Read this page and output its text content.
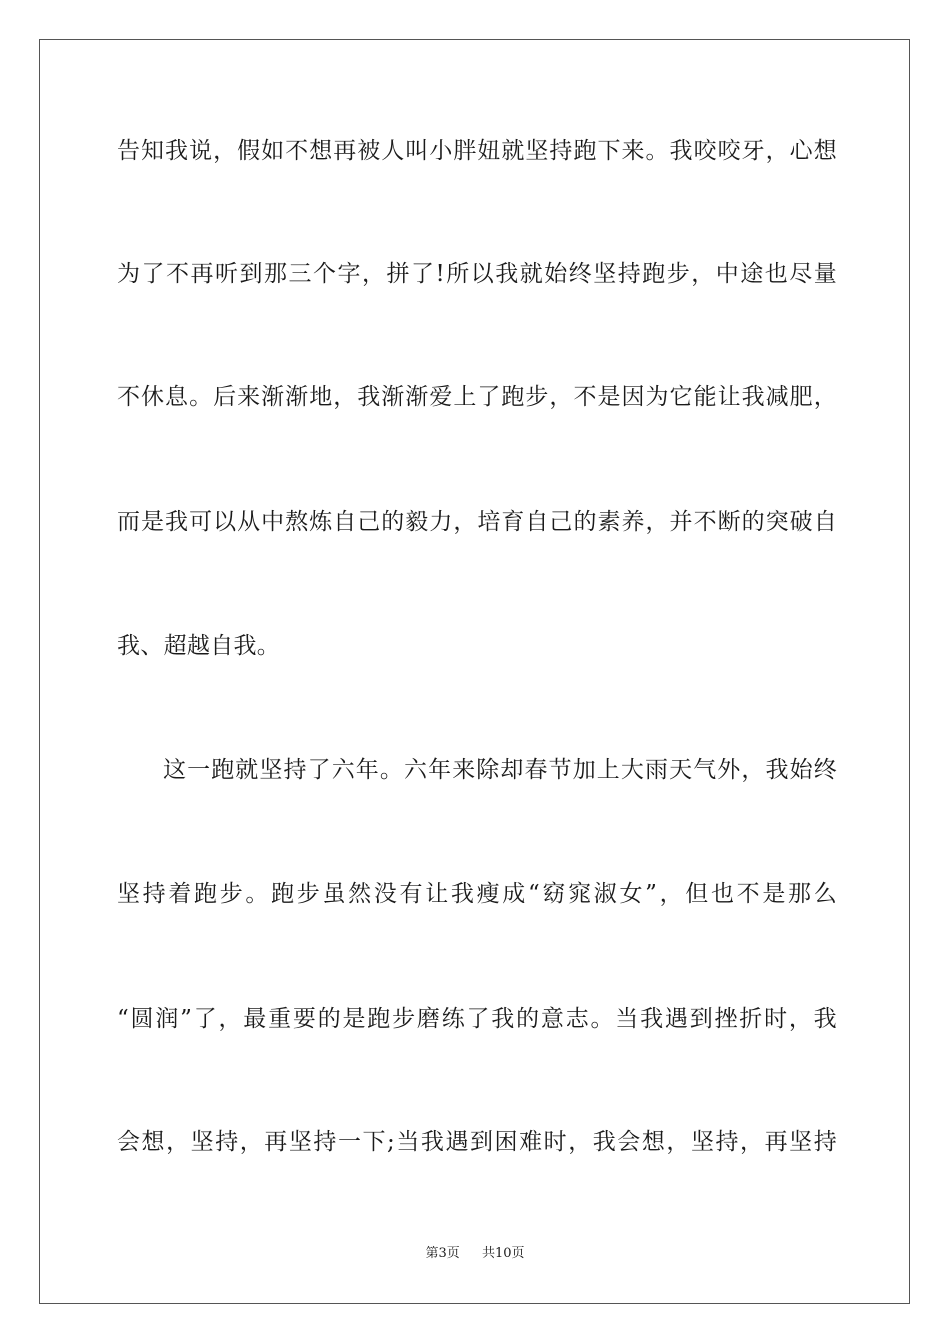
告知我说，假如不想再被人叫小胖妞就坚持跑下来。我咬咬牙，心想
为了不再听到那三个字，拼了!所以我就始终坚持跑步，中途也尽量
不休息。后来渐渐地，我渐渐爱上了跑步，不是因为它能让我减肥，
而是我可以从中熬炼自己的毅力，培育自己的素养，并不断的突破自
我、超越自我。
这一跑就坚持了六年。六年来除却春节加上大雨天气外，我始终
坚持着跑步。跑步虽然没有让我瘦成“窈窕淑女”，但也不是那么
“圆润”了，最重要的是跑步磨练了我的意志。当我遇到挫折时，我
会想，坚持，再坚持一下;当我遇到困难时，我会想，坚持，再坚持
第3页 共10页
